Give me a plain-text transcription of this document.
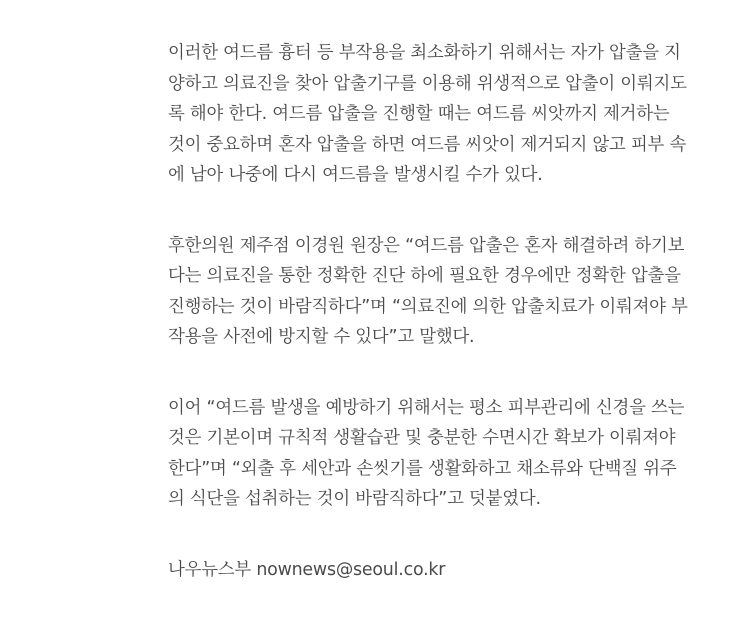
이러한 여드름 흉터 등 부작용을 최소화하기 위해서는 자가 압출을 지
양하고 의료진을 찾아 압출기구를 이용해 위생적으로 압출이 이뤄지도
록 해야 한다. 여드름 압출을 진행할 때는 여드름 씨앗까지 제거하는
것이 중요하며 혼자 압출을 하면 여드름 씨앗이 제거되지 않고 피부 속
에 남아 나중에 다시 여드름을 발생시킬 수가 있다.
후한의원 제주점 이경원 원장은 “여드름 압출은 혼자 해결하려 하기보
다는 의료진을 통한 정확한 진단 하에 필요한 경우에만 정확한 압출을
진행하는 것이 바람직하다”며 “의료진에 의한 압출치료가 이뤄져야 부
작용을 사전에 방지할 수 있다”고 말했다.
이어 “여드름 발생을 예방하기 위해서는 평소 피부관리에 신경을 쓰는
것은 기본이며 규칙적 생활습관 및 충분한 수면시간 확보가 이뤄져야
한다”며 “외출 후 세안과 손씻기를 생활화하고 채소류와 단백질 위주
의 식단을 섭취하는 것이 바람직하다”고 덧붙였다.
나우뉴스부 nownews@seoul.co.kr
